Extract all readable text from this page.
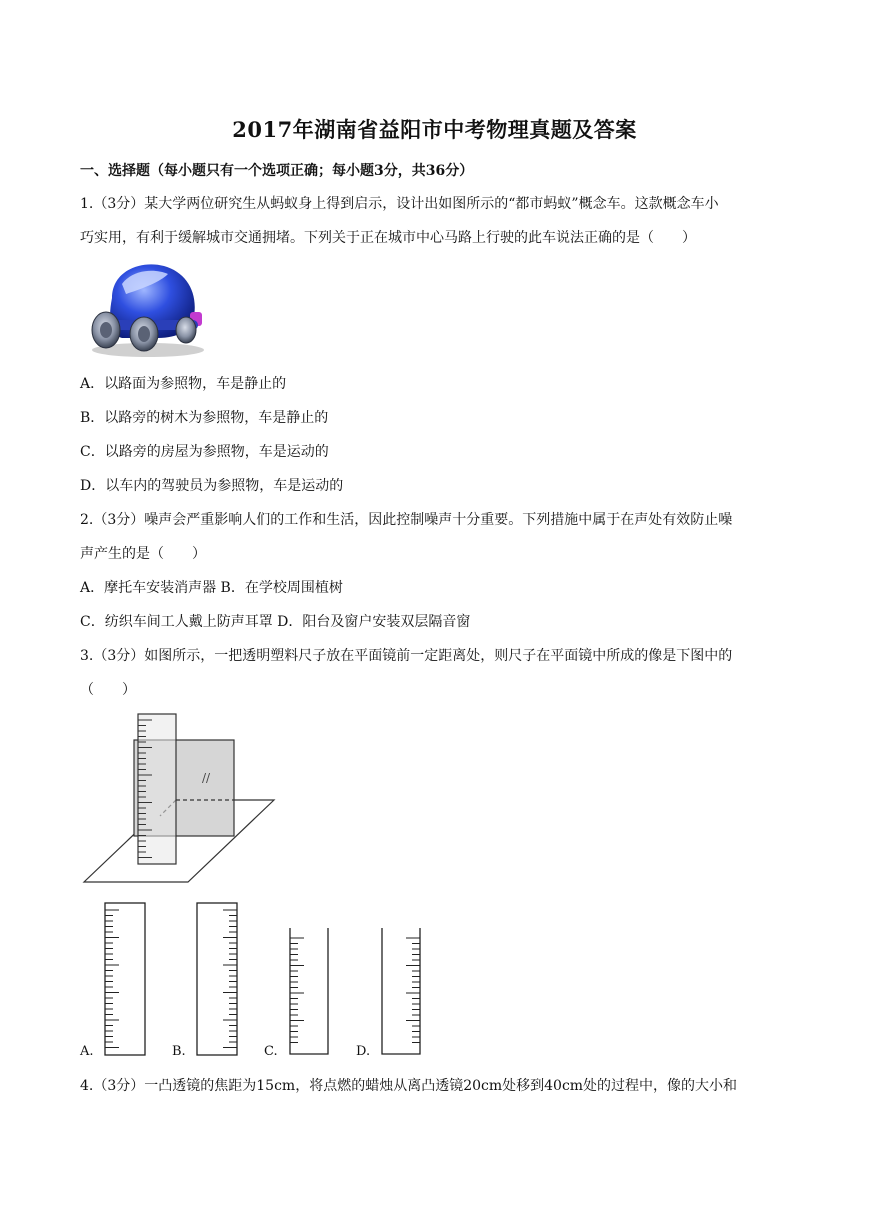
2017年湖南省益阳市中考物理真题及答案
一、选择题（每小题只有一个选项正确；每小题3分，共36分）
1.（3分）某大学两位研究生从蚂蚁身上得到启示，设计出如图所示的“都市蚂蚁”概念车。这款概念车小
巧实用，有利于缓解城市交通拥堵。下列关于正在城市中心马路上行驶的此车说法正确的是（　　）
A．以路面为参照物，车是静止的
B．以路旁的树木为参照物，车是静止的
C．以路旁的房屋为参照物，车是运动的
D．以车内的驾驶员为参照物，车是运动的
2.（3分）噪声会严重影响人们的工作和生活，因此控制噪声十分重要。下列措施中属于在声处有效防止噪
声产生的是（　　）
A．摩托车安装消声器 B．在学校周围植树
C．纺织车间工人戴上防声耳罩 D．阳台及窗户安装双层隔音窗
3.（3分）如图所示，一把透明塑料尺子放在平面镜前一定距离处，则尺子在平面镜中所成的像是下图中的
（　　）
//
A.	B.	C.	D.
4.（3分）一凸透镜的焦距为15cm，将点燃的蜡烛从离凸透镜20cm处移到40cm处的过程中，像的大小和
